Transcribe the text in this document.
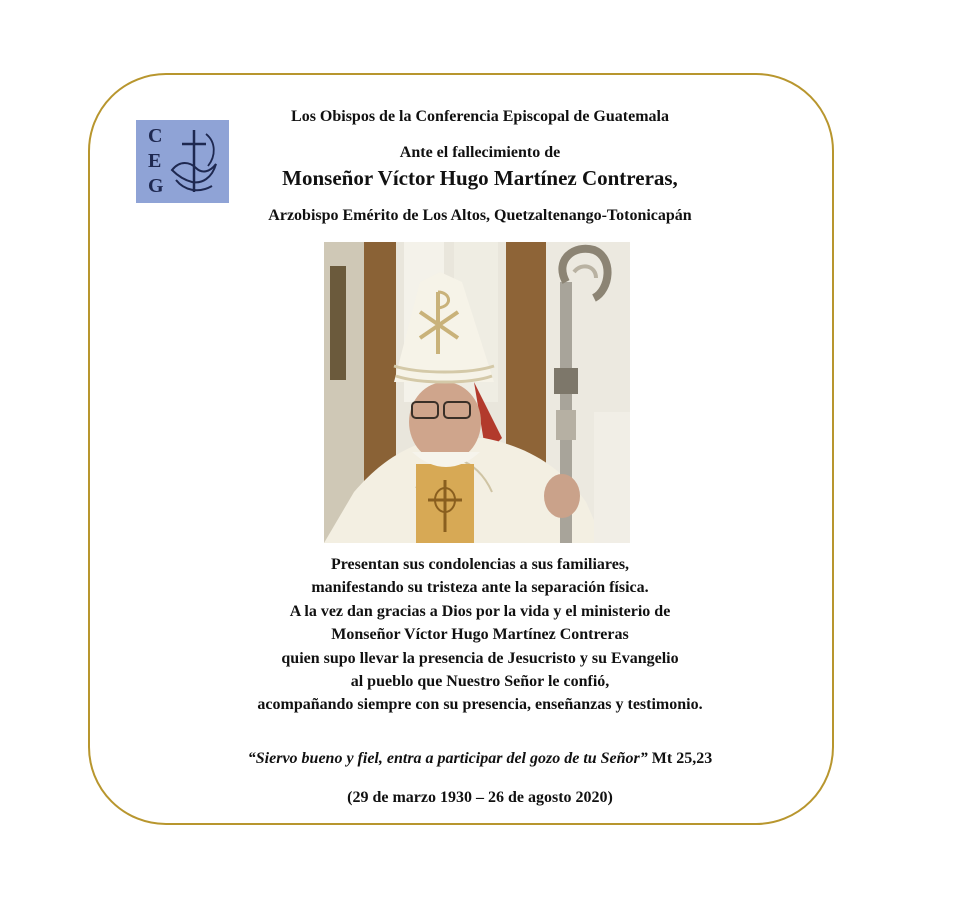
C
E
G
Los Obispos de la Conferencia Episcopal de Guatemala
Ante el fallecimiento de
Monseñor Víctor Hugo Martínez Contreras,
Arzobispo Emérito de Los Altos, Quetzaltenango-Totonicapán
Presentan sus condolencias a sus familiares,
manifestando su tristeza ante la separación física.
A la vez dan gracias a Dios por la vida y el ministerio de
Monseñor Víctor Hugo Martínez Contreras
quien supo llevar la presencia de Jesucristo y su Evangelio
al pueblo que Nuestro Señor le confió,
acompañando siempre con su presencia, enseñanzas y testimonio.
“Siervo bueno y fiel, entra a participar del gozo de tu Señor” Mt 25,23
(29 de marzo 1930 – 26 de agosto 2020)
